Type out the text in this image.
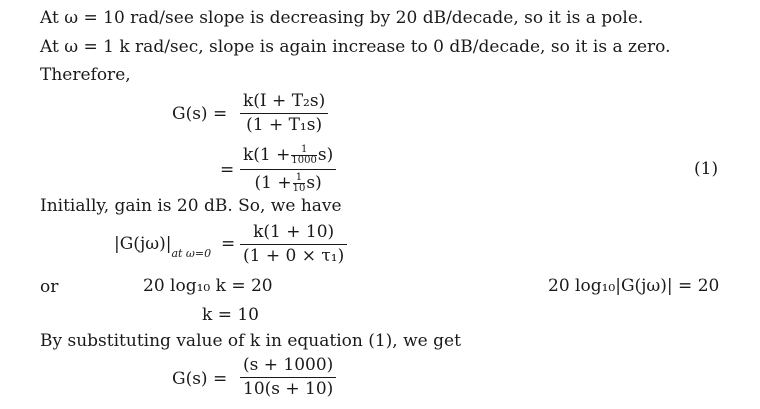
At ω = 10 rad/see slope is decreasing by 20 dB/decade, so it is a pole.
At ω = 1 k rad/sec, slope is again increase to 0 dB/decade, so it is a zero.
Therefore,
G(s) =
k(I + T₂s)
(1 + T₁s)
=
$k(1 + \frac{1}{1000} s)$
$(1 + \frac{1}{10} s)$
(1)
Initially, gain is 20 dB. So, we have
$|G(j\omega)|_{at \omega=0}$ =
k(1 + 10)
(1 + 0 × τ₁)
or	20 log₁₀ k = 20	20 log₁₀|G(jω)| = 20
k = 10
By substituting value of k in equation (1), we get
G(s) =
(s + 1000)
10(s + 10)
